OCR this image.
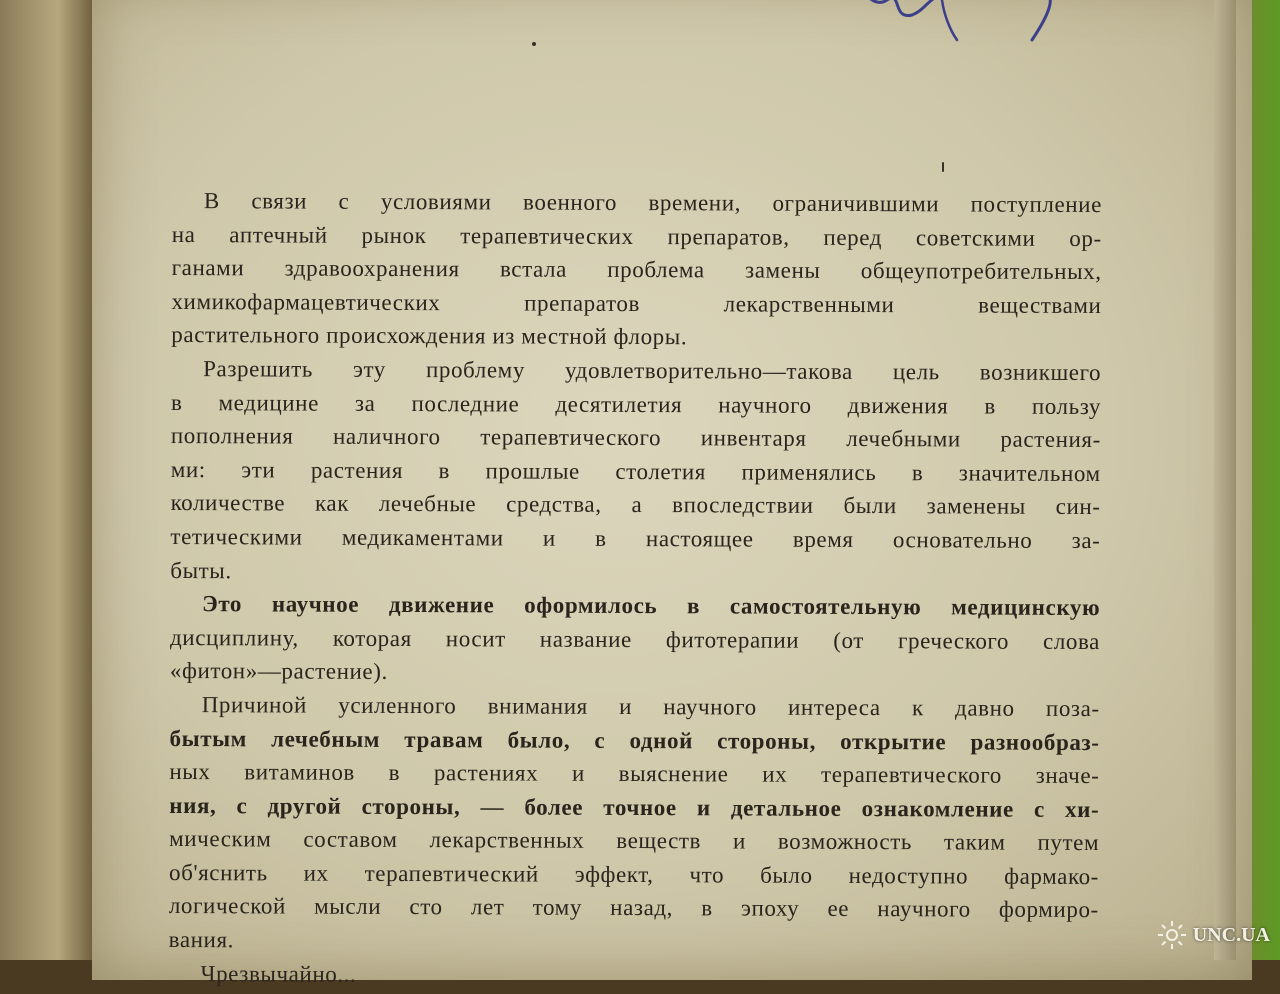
В связи с условиями военного времени, ограничившими поступление
на аптечный рынок терапевтических препаратов, перед советскими ор-
ганами здравоохранения встала проблема замены общеупотребительных,
химикофармацевтических препаратов лекарственными веществами
растительного происхождения из местной флоры.
Разрешить эту проблему удовлетворительно—такова цель возникшего
в медицине за последние десятилетия научного движения в пользу
пополнения наличного терапевтического инвентаря лечебными растения-
ми: эти растения в прошлые столетия применялись в значительном
количестве как лечебные средства, а впоследствии были заменены син-
тетическими медикаментами и в настоящее время основательно за-
быты.
Это научное движение оформилось в самостоятельную медицинскую
дисциплину, которая носит название фитотерапии (от греческого слова
«фитон»—растение).
Причиной усиленного внимания и научного интереса к давно поза-
бытым лечебным травам было, с одной стороны, открытие разнообраз-
ных витаминов в растениях и выяснение их терапевтического значе-
ния, с другой стороны, — более точное и детальное ознакомление с хи-
мическим составом лекарственных веществ и возможность таким путем
об'яснить их терапевтический эффект, что было недоступно фармако-
логической мысли сто лет тому назад, в эпоху ее научного формиро-
вания.
Чрезвычайно...
UNC.UA
